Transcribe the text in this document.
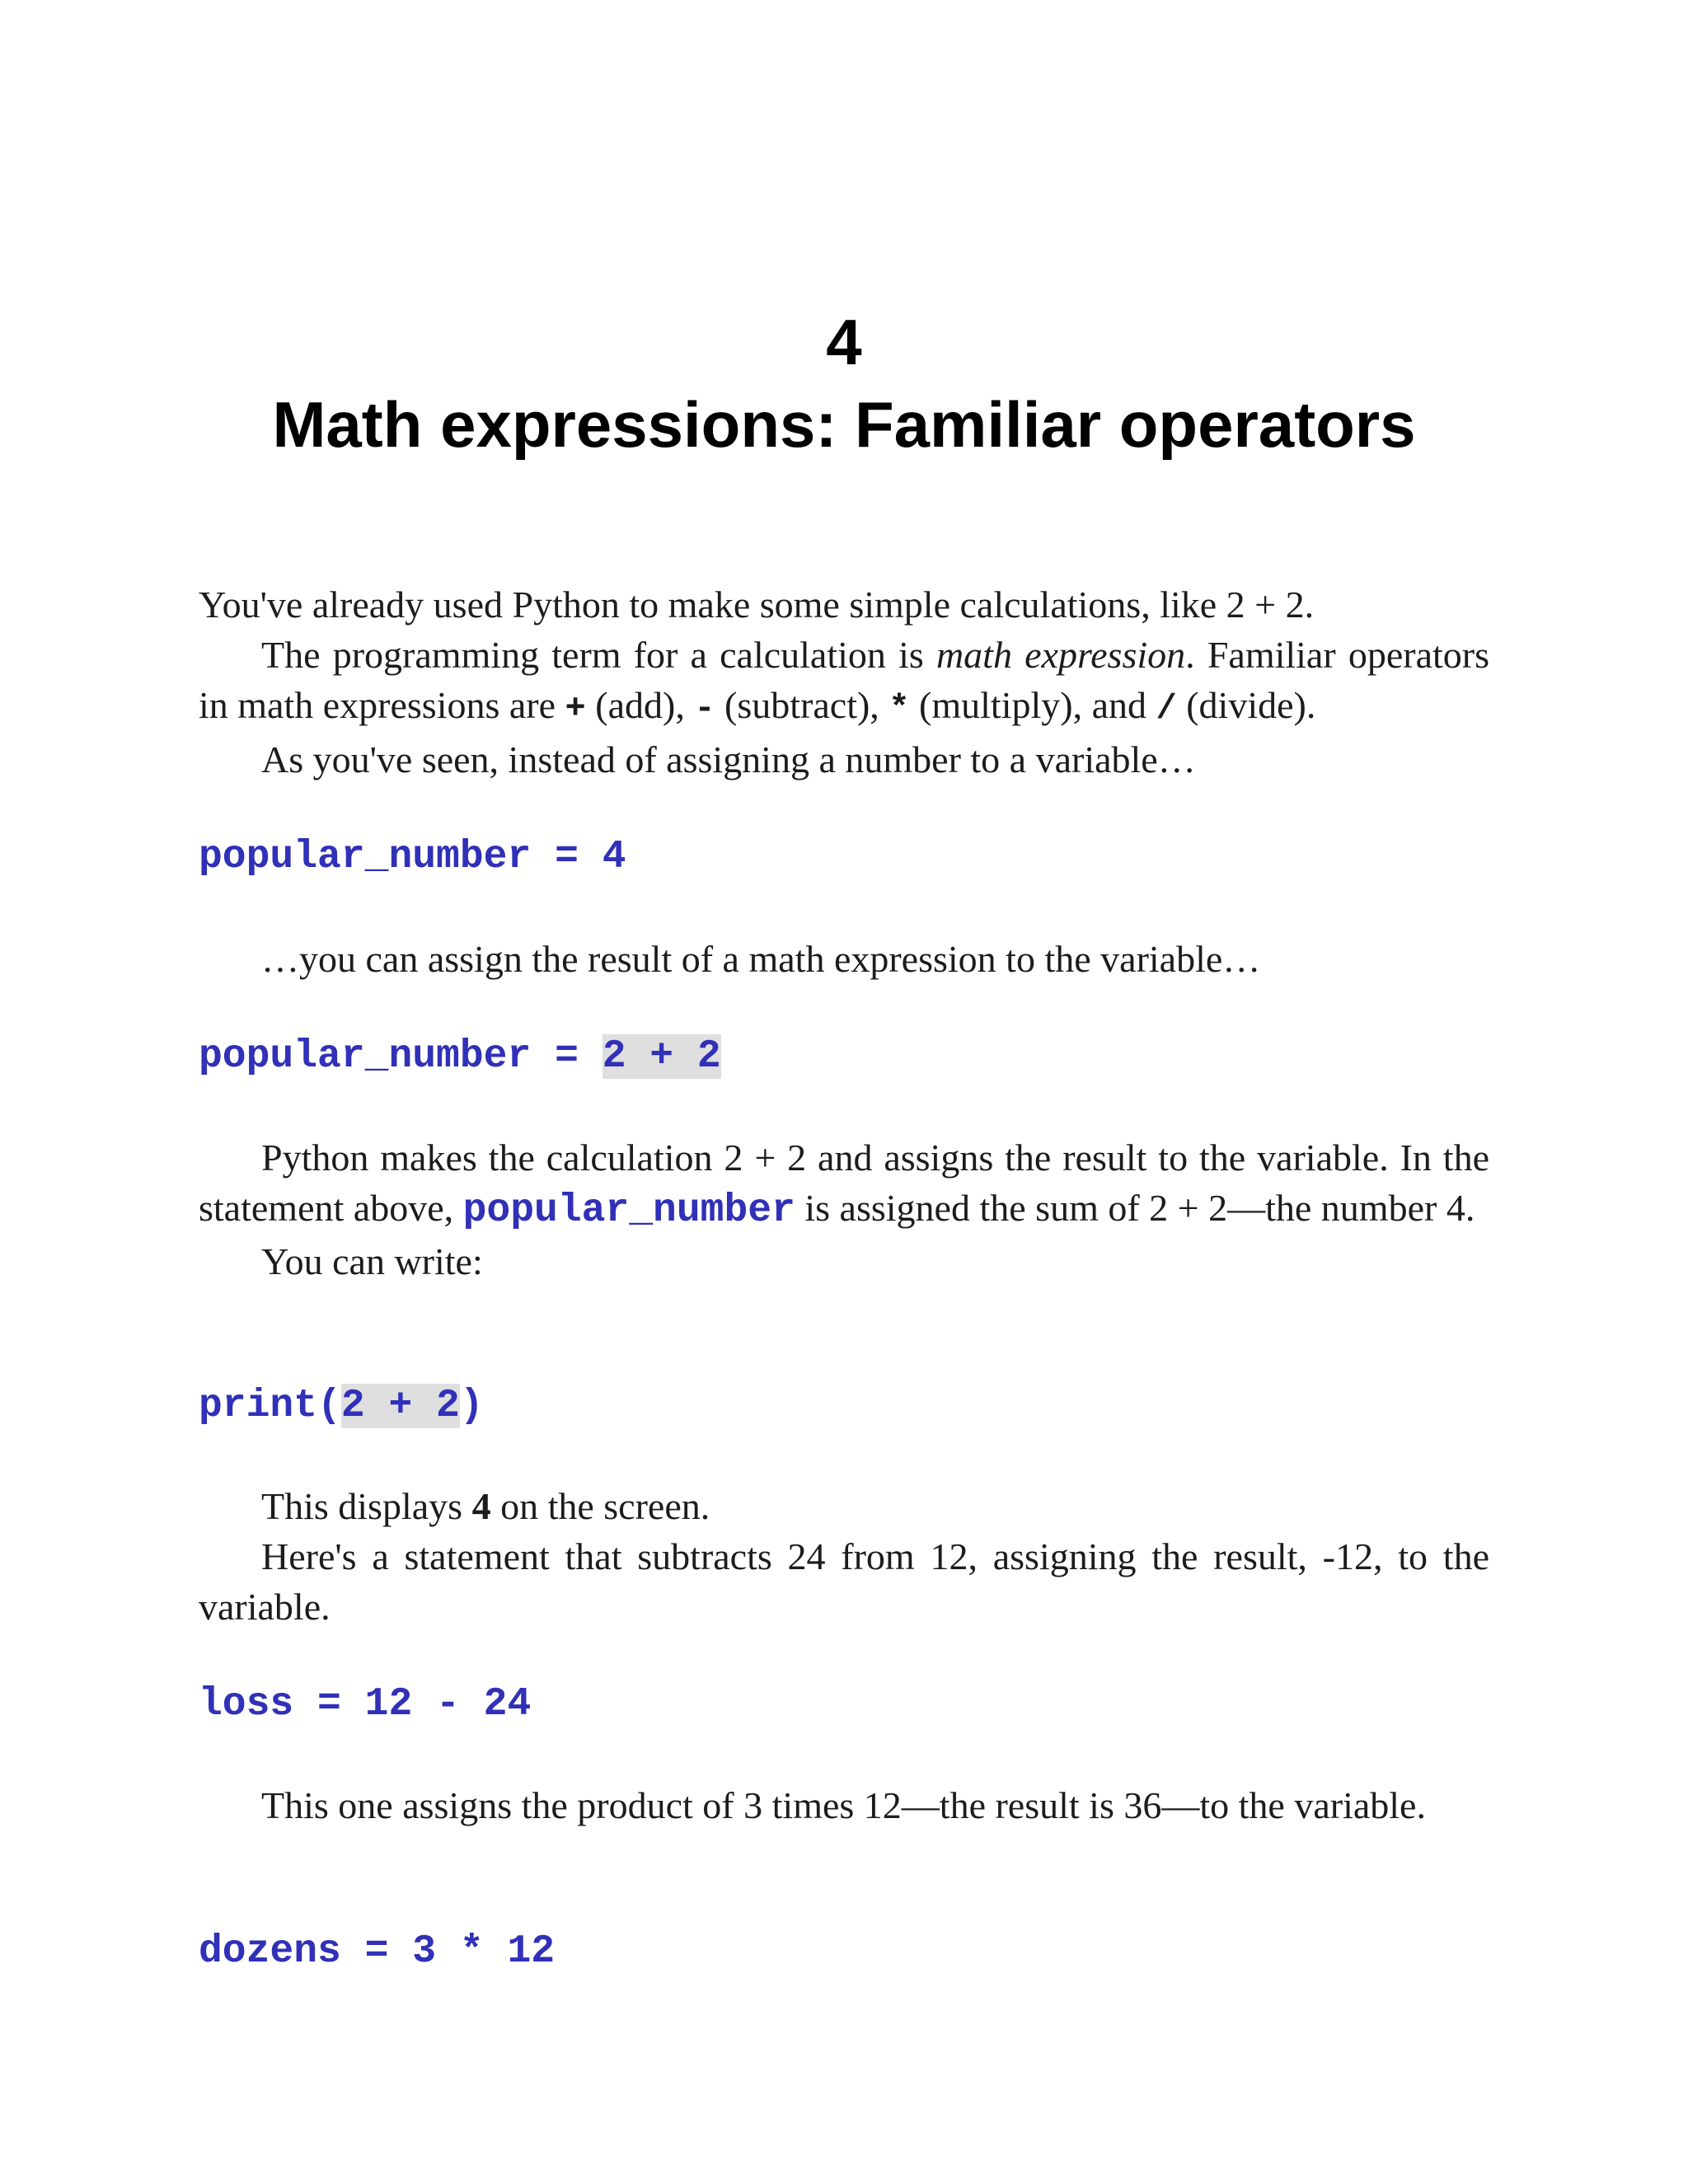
4
Math expressions: Familiar operators

You've already used Python to make some simple calculations, like 2 + 2.

The programming term for a calculation is math expression. Familiar operators in math expressions are + (add), - (subtract), * (multiply), and / (divide).

As you've seen, instead of assigning a number to a variable…

popular_number = 4

…you can assign the result of a math expression to the variable…

popular_number = 2 + 2

Python makes the calculation 2 + 2 and assigns the result to the variable. In the statement above, popular_number is assigned the sum of 2 + 2—the number 4.

You can write:

print(2 + 2)

This displays 4 on the screen.

Here's a statement that subtracts 24 from 12, assigning the result, -12, to the variable.

loss = 12 - 24

This one assigns the product of 3 times 12—the result is 36—to the variable.

dozens = 3 * 12
